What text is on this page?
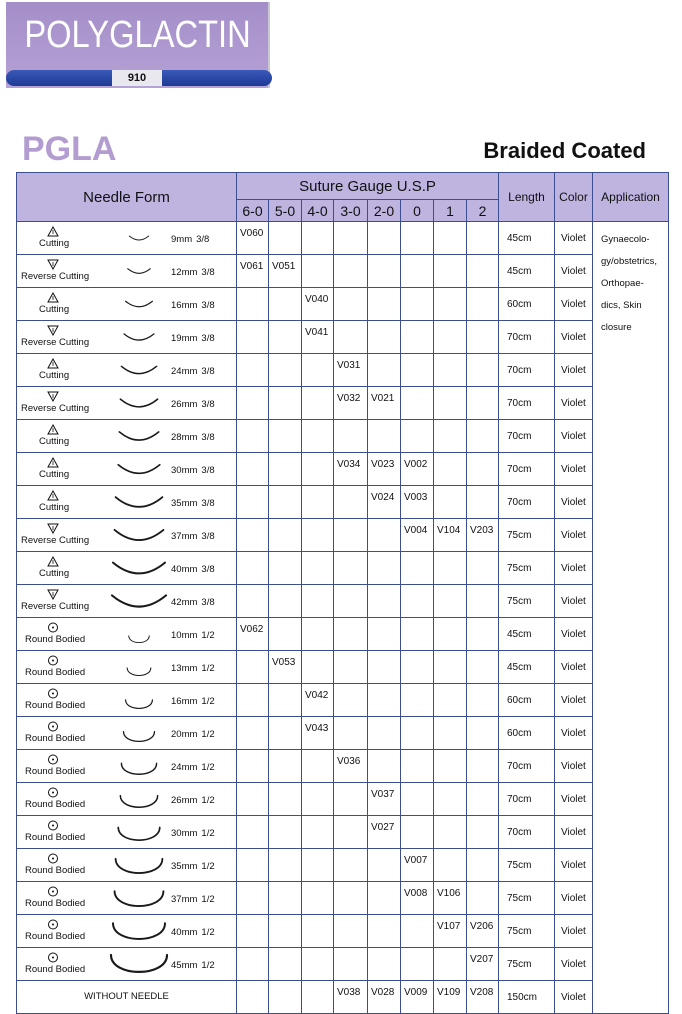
POLYGLACTIN
910
PGLA	Braided Coated
Needle Form	Suture Gauge U.S.P								Length	Color	Application
	6-0	5-0	4-0	3-0	2-0	0	1	2			

Cutting 9mm 3/8	V060								45cm	Violet	Gynaecolo-
gy/obstetrics,
Orthopae-
dics, Skin
closure

Reverse Cutting 12mm 3/8	V061	V051							45cm	Violet	

Cutting 16mm 3/8			V040						60cm	Violet	

Reverse Cutting 19mm 3/8			V041						70cm	Violet	

Cutting 24mm 3/8				V031					70cm	Violet	

Reverse Cutting 26mm 3/8				V032	V021				70cm	Violet	

Cutting 28mm 3/8									70cm	Violet	

Cutting 30mm 3/8				V034	V023	V002			70cm	Violet	

Cutting 35mm 3/8					V024	V003			70cm	Violet	

Reverse Cutting 37mm 3/8						V004	V104	V203	75cm	Violet	

Cutting 40mm 3/8									75cm	Violet	

Reverse Cutting 42mm 3/8									75cm	Violet	

Round Bodied 10mm 1/2	V062								45cm	Violet	

Round Bodied 13mm 1/2		V053							45cm	Violet	

Round Bodied 16mm 1/2			V042						60cm	Violet	

Round Bodied 20mm 1/2			V043						60cm	Violet	

Round Bodied 24mm 1/2				V036					70cm	Violet	

Round Bodied 26mm 1/2					V037				70cm	Violet	

Round Bodied 30mm 1/2					V027				70cm	Violet	

Round Bodied 35mm 1/2						V007			75cm	Violet	

Round Bodied 37mm 1/2						V008	V106		75cm	Violet	

Round Bodied 40mm 1/2							V107	V206	75cm	Violet	

Round Bodied 45mm 1/2								V207	75cm	Violet	

WITHOUT NEEDLE				V038	V028	V009	V109	V208	150cm	Violet	
